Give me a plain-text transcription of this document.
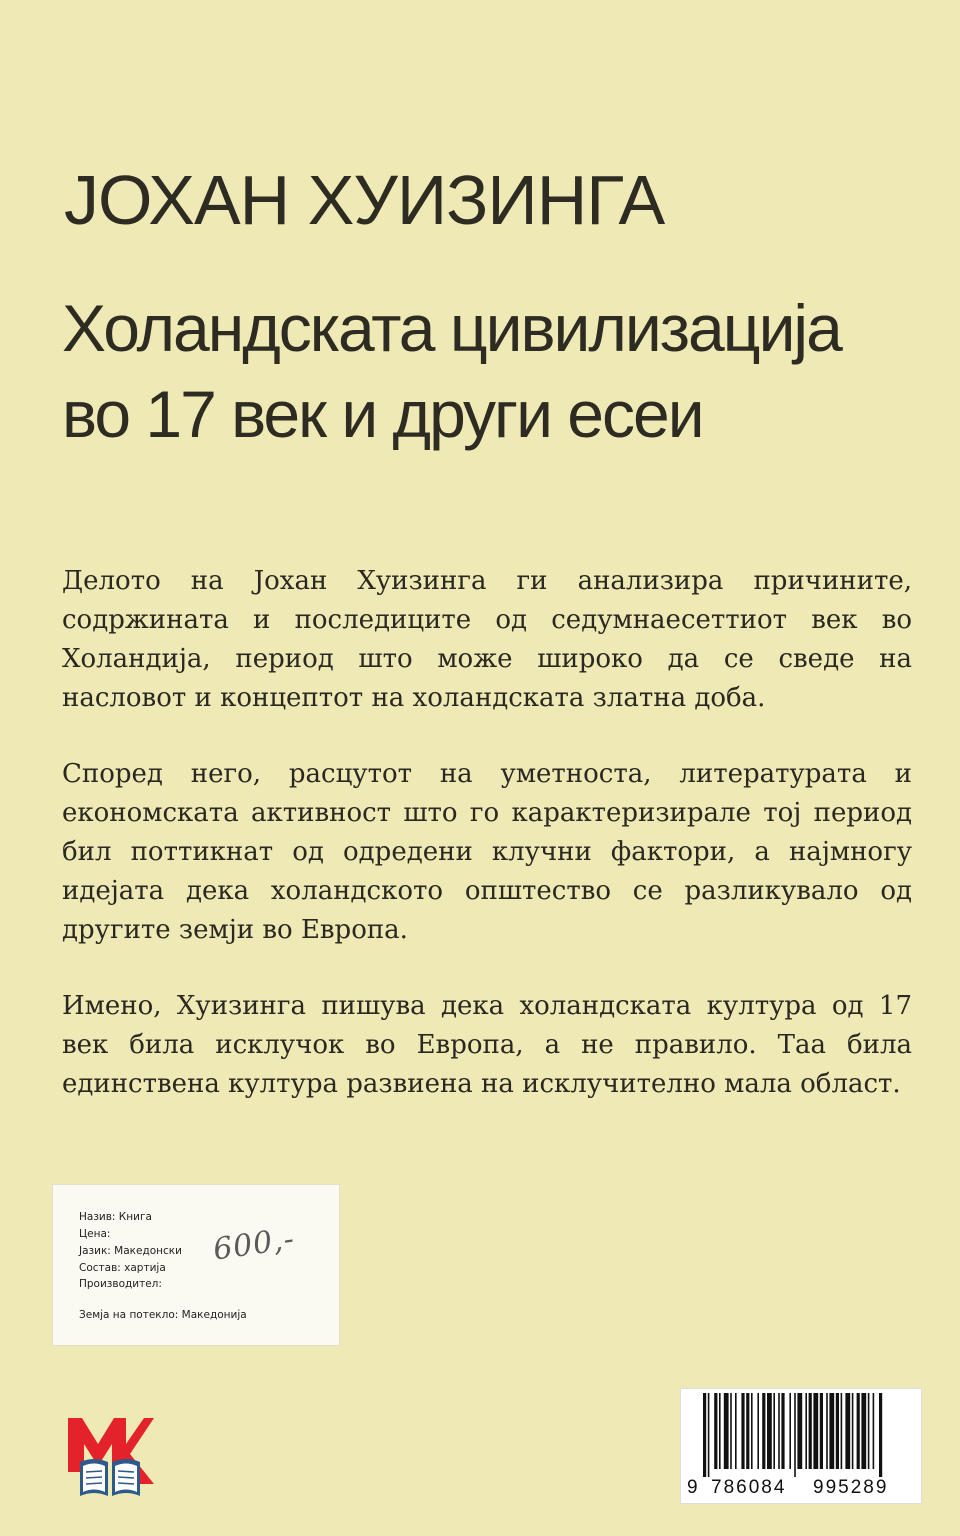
ЈОХАН ХУИЗИНГА
Холандската цивилизација
во 17 век и други есеи

Делото на Јохан Хуизинга ги анализира причините, содржината и последиците од седумнаесеттиот век во Холандија, период што може широко да се сведе на насловот и концептот на холандската златна доба.

Според него, расцутот на уметноста, литературата и економската активност што го карактеризирале тој период бил поттикнат од одредени клучни фактори, а најмногу идејата дека холандското општество се разликувало од другите земји во Европа.

Имено, Хуизинга пишува дека холандската култура од 17 век била исклучок во Европа, а не правило. Таа била единствена култура развиена на исклучително мала област.

Назив: Книга
Цена:
Јазик: Македонски
Состав: хартија
Производител:
Земја на потекло: Македонија
600,-
9 786084 995289
